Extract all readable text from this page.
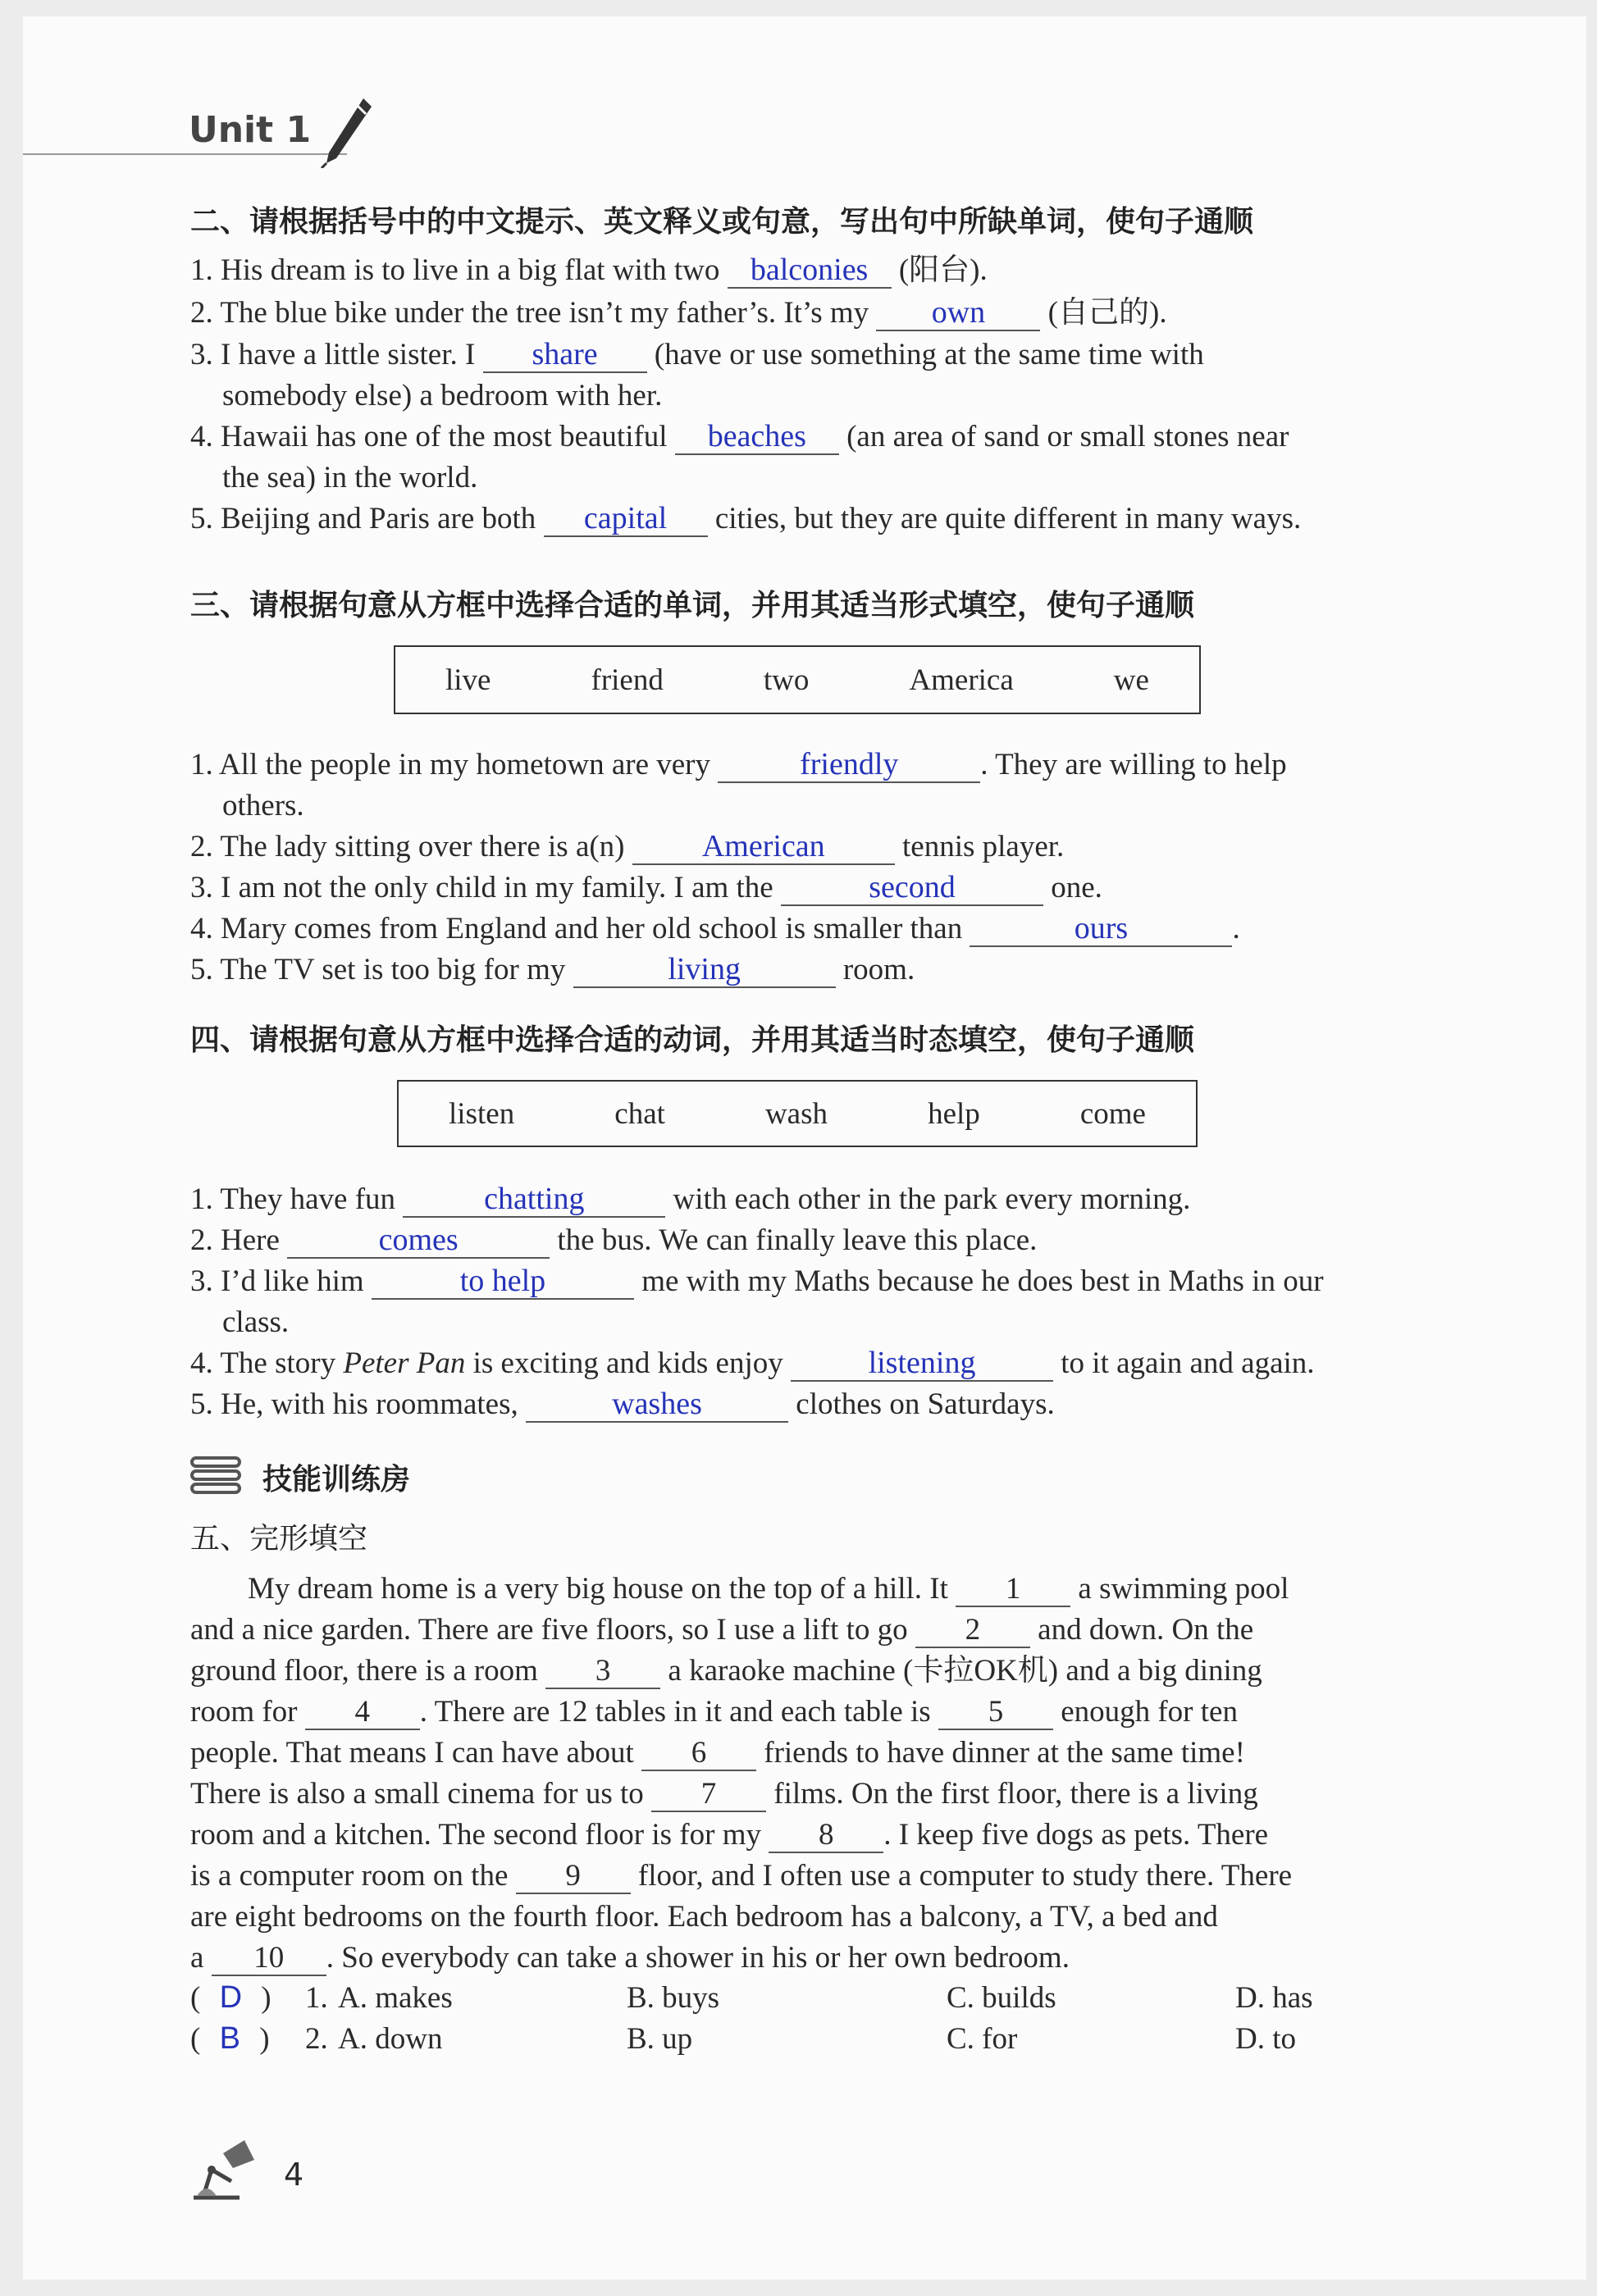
Unit 1
二、请根据括号中的中文提示、英文释义或句意，写出句中所缺单词，使句子通顺
1. His dream is to live in a big flat with two balconies (阳台).
2. The blue bike under the tree isn’t my father’s. It’s my own (自己的).
3. I have a little sister. I share (have or use something at the same time with
somebody else) a bedroom with her.
4. Hawaii has one of the most beautiful beaches (an area of sand or small stones near
the sea) in the world.
5. Beijing and Paris are both capital cities, but they are quite different in many ways.
三、请根据句意从方框中选择合适的单词，并用其适当形式填空，使句子通顺
live	friend	two	America	we
1. All the people in my hometown are very	friendly	. They are willing to help
others.
2. The lady sitting over there is a(n) American	tennis player.
3. I am not the only child in my family. I am the	second	one.
4. Mary comes from England and her old school is smaller than	ours	.
5. The TV set is too big for my	living	room.
四、请根据句意从方框中选择合适的动词，并用其适当时态填空，使句子通顺
listen	chat	wash	help	come
1. They have fun	chatting	with each other in the park every morning.
2. Here	comes	the bus. We can finally leave this place.
3. I’d like him	to help	me with my Maths because he does best in Maths in our
class.
4. The story Peter Pan is exciting and kids enjoy	listening	to it again and again.
5. He, with his roommates,	washes	clothes on Saturdays.
技能训练房
五、完形填空
My dream home is a very big house on the top of a hill. It 1 a swimming pool
and a nice garden. There are five floors, so I use a lift to go 2 and down. On the
ground floor, there is a room 3 a karaoke machine (卡拉OK机) and a big dining
room for 4 . There are 12 tables in it and each table is 5 enough for ten
people. That means I can have about 6 friends to have dinner at the same time!
There is also a small cinema for us to 7 films. On the first floor, there is a living
room and a kitchen. The second floor is for my 8 . I keep five dogs as pets. There
is a computer room on the 9 floor, and I often use a computer to study there. There
are eight bedrooms on the fourth floor. Each bedroom has a balcony, a TV, a bed and
a 10 . So everybody can take a shower in his or her own bedroom.
( D ) 1. A. makes	B. buys	C. builds	D. has
( B ) 2. A. down	B. up	C. for	D. to
4
